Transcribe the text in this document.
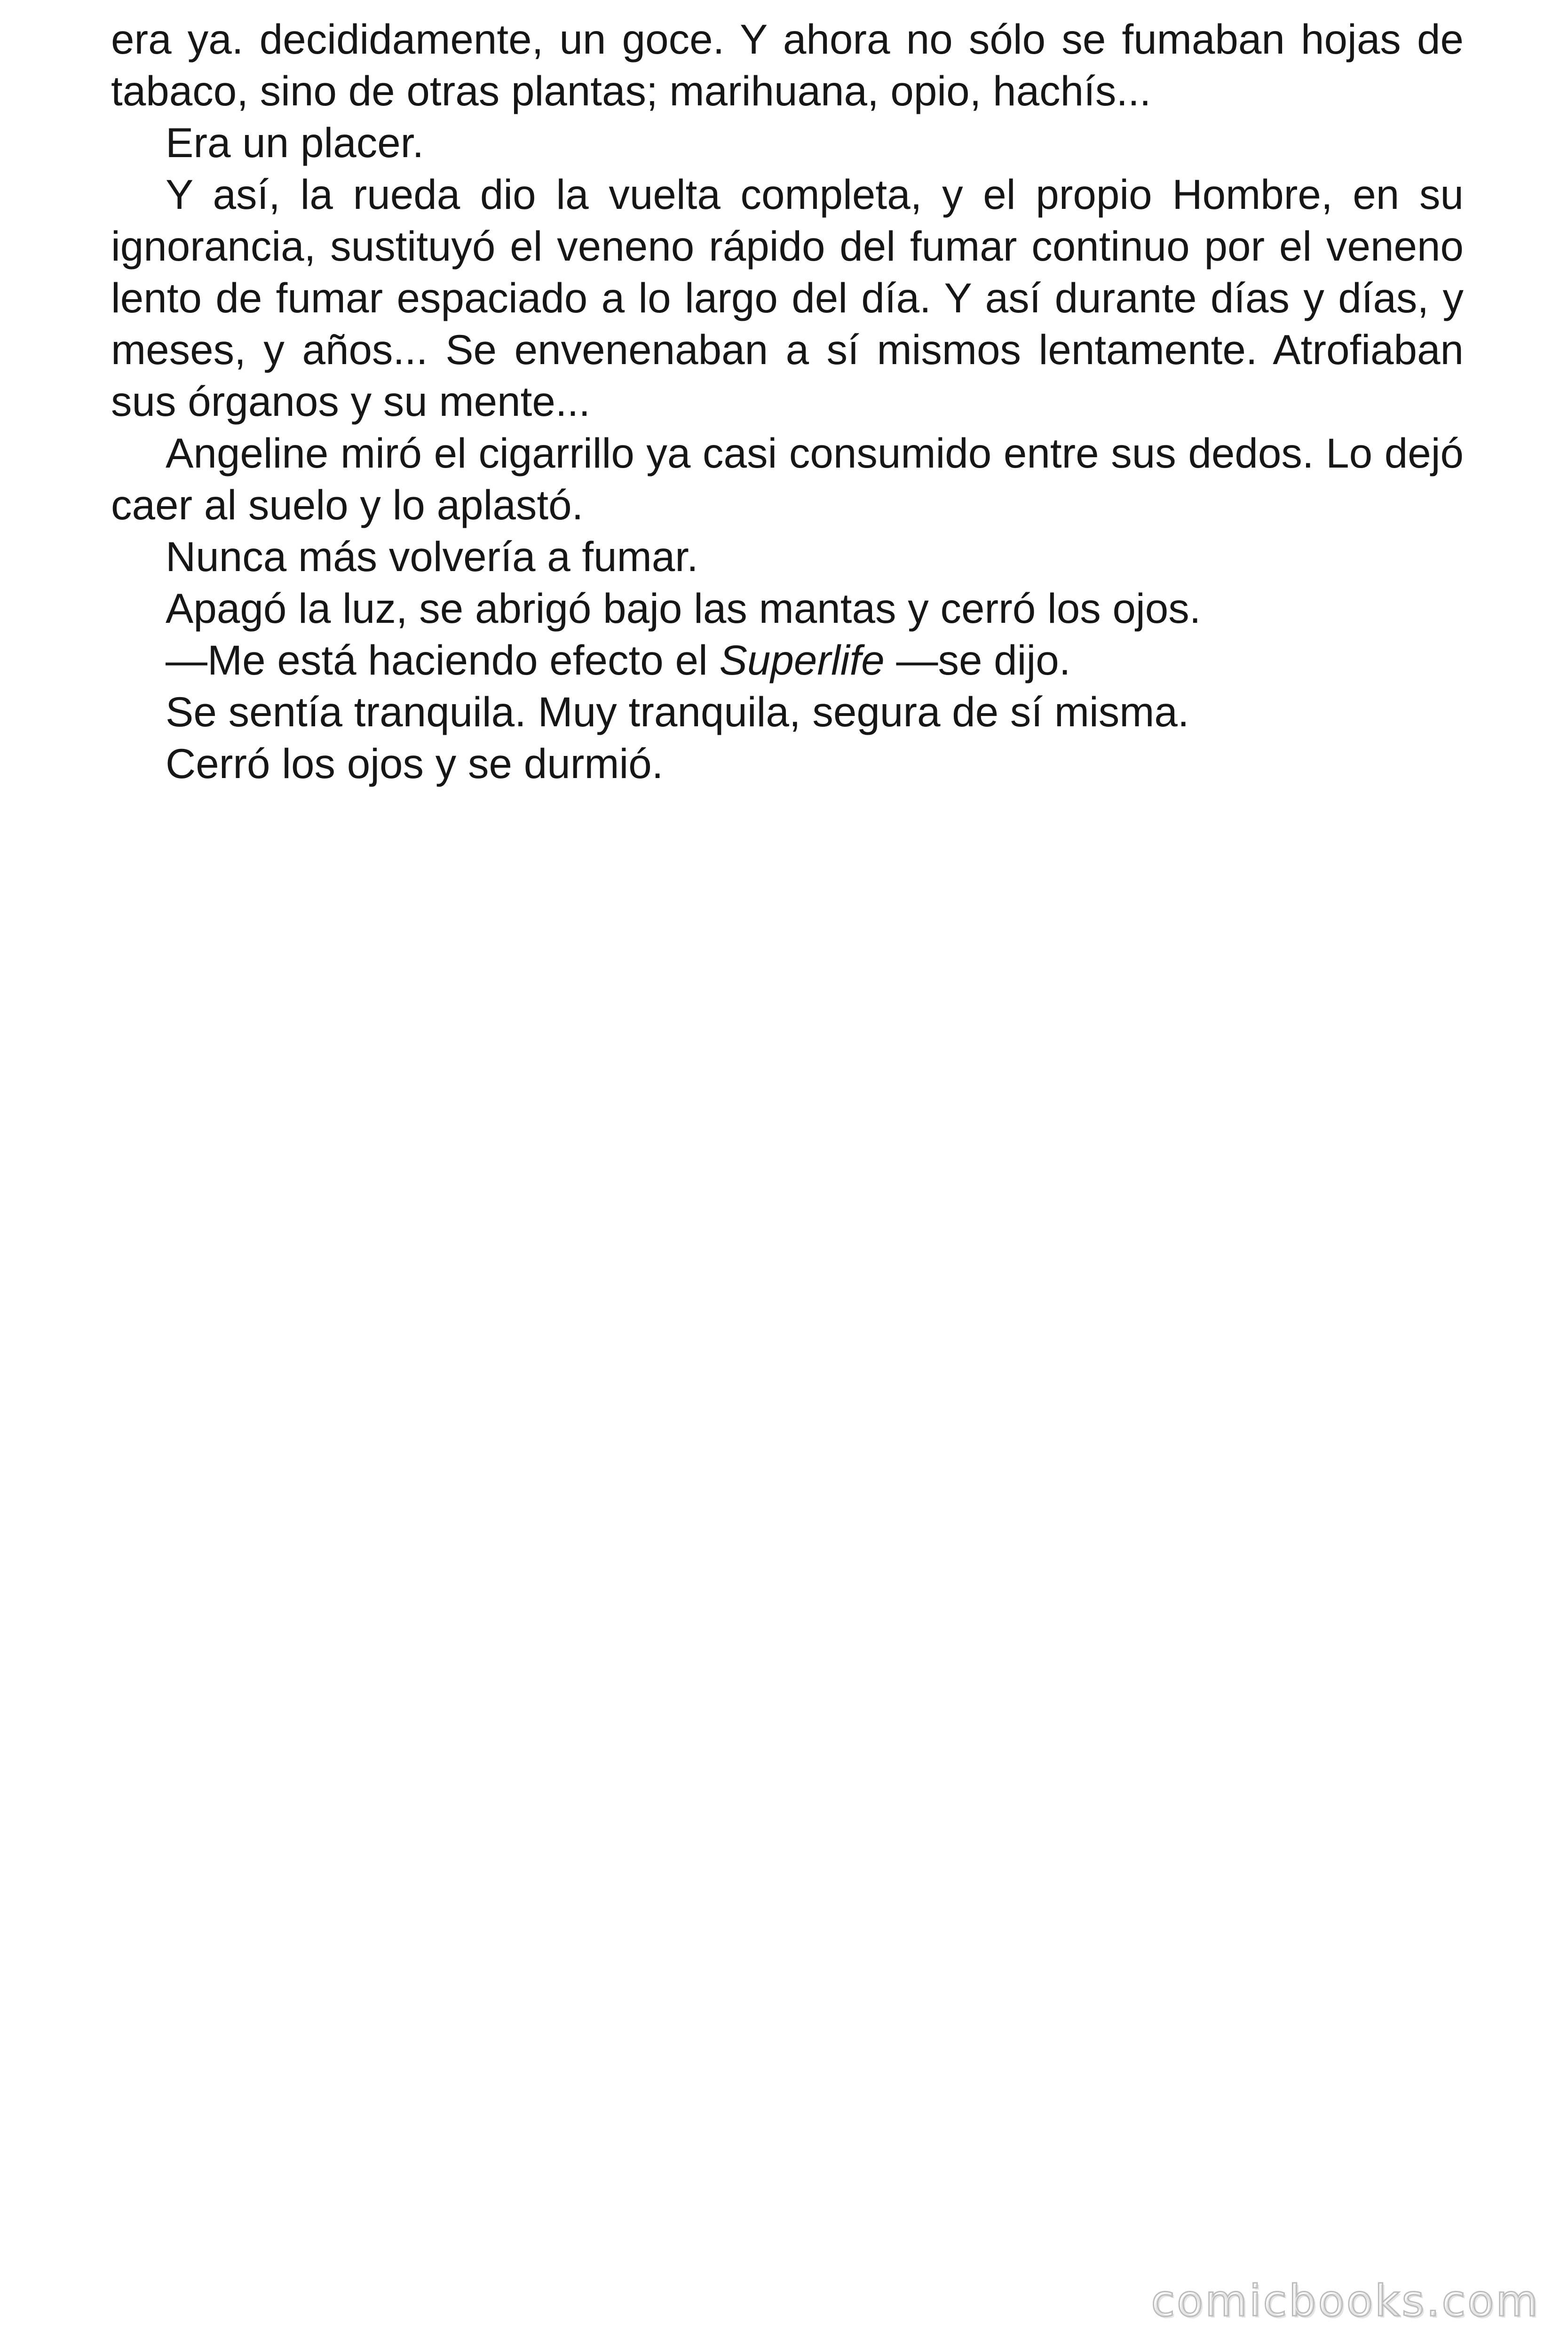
era ya. decididamente, un goce. Y ahora no sólo se fumaban hojas de tabaco, sino de otras plantas; marihuana, opio, hachís...

Era un placer.

Y así, la rueda dio la vuelta completa, y el propio Hombre, en su ignorancia, sustituyó el veneno rápido del fumar continuo por el veneno lento de fumar espaciado a lo largo del día. Y así durante días y días, y meses, y años... Se envenenaban a sí mismos lentamente. Atrofiaban sus órganos y su mente...

Angeline miró el cigarrillo ya casi consumido entre sus dedos. Lo dejó caer al suelo y lo aplastó.

Nunca más volvería a fumar.

Apagó la luz, se abrigó bajo las mantas y cerró los ojos.

—Me está haciendo efecto el Superlife —se dijo.

Se sentía tranquila. Muy tranquila, segura de sí misma.

Cerró los ojos y se durmió.

comicbooks.com
